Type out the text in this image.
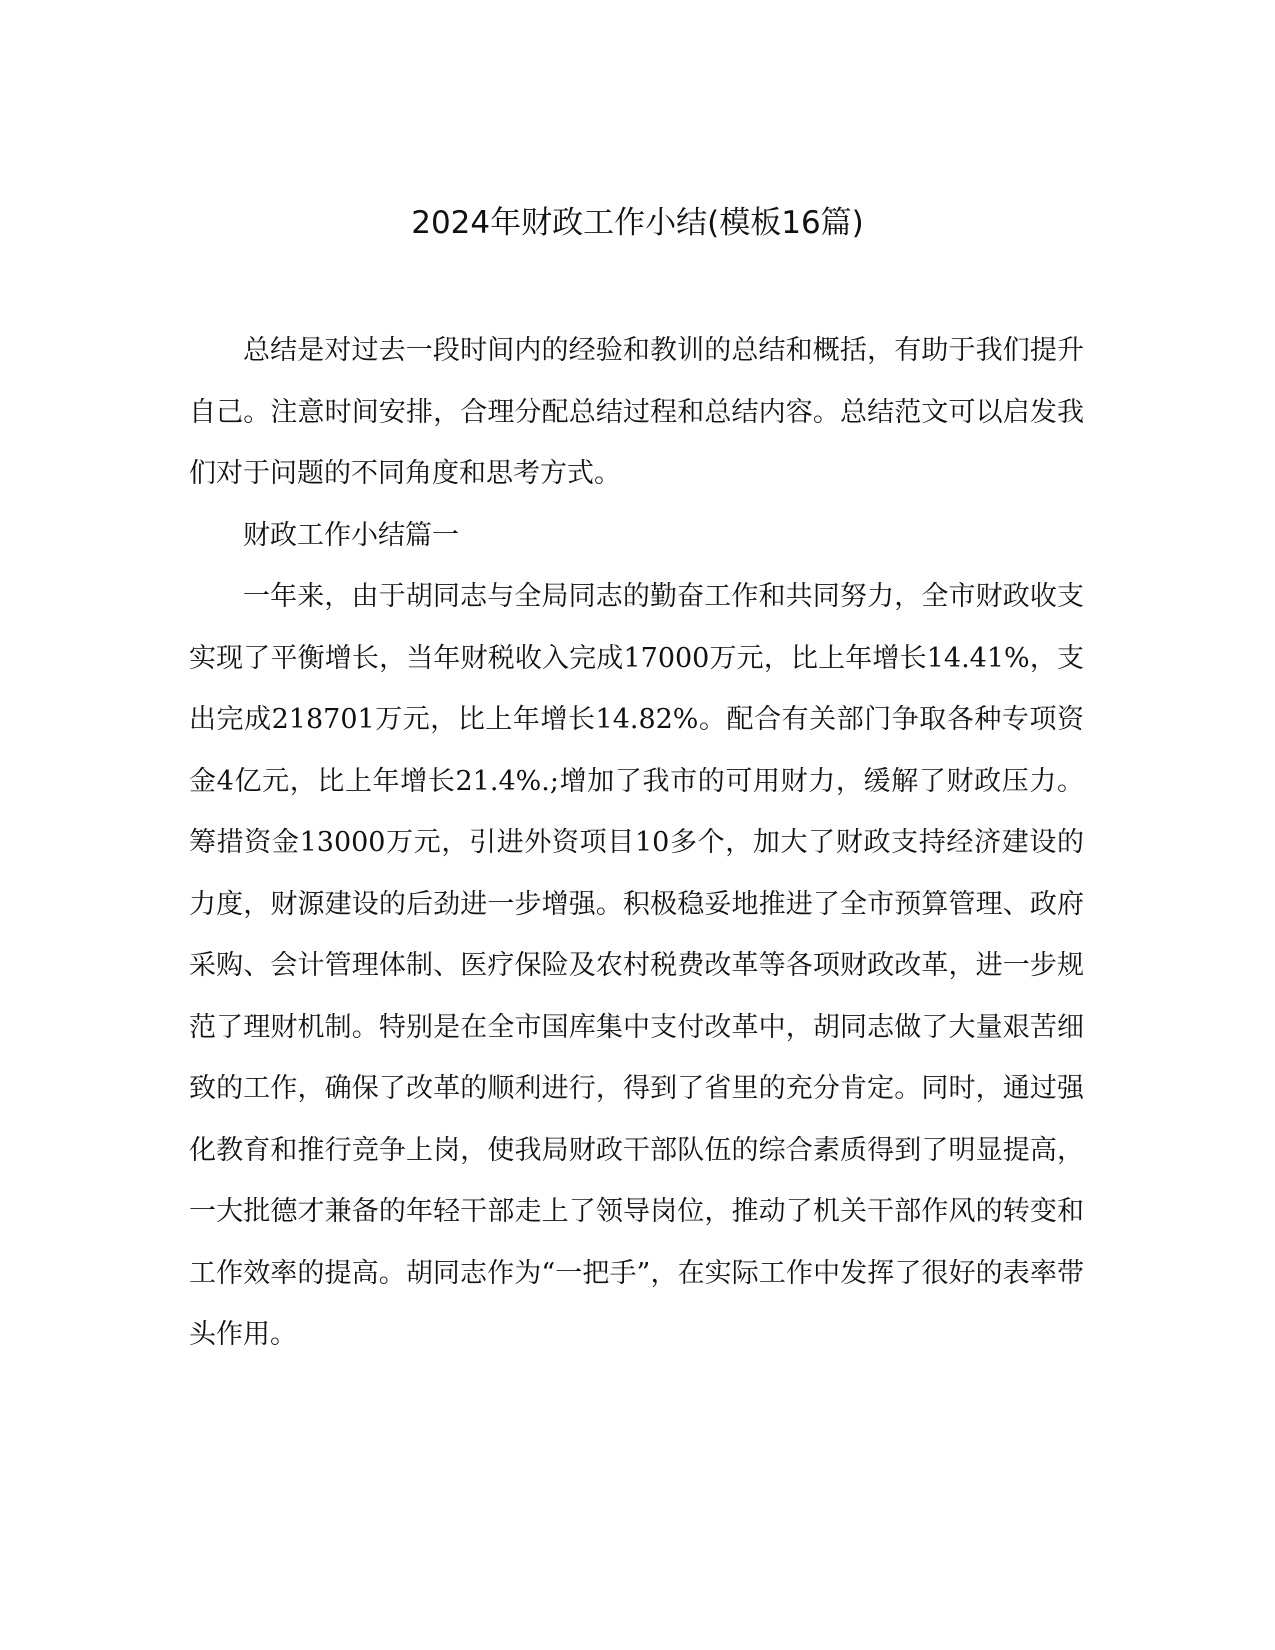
2024年财政工作小结(模板16篇)

总结是对过去一段时间内的经验和教训的总结和概括，有助于我们提升自己。注意时间安排，合理分配总结过程和总结内容。总结范文可以启发我们对于问题的不同角度和思考方式。

财政工作小结篇一

一年来，由于胡同志与全局同志的勤奋工作和共同努力，全市财政收支实现了平衡增长，当年财税收入完成17000万元，比上年增长14.41%，支出完成218701万元，比上年增长14.82%。配合有关部门争取各种专项资金4亿元，比上年增长21.4%.;增加了我市的可用财力，缓解了财政压力。筹措资金13000万元，引进外资项目10多个，加大了财政支持经济建设的力度，财源建设的后劲进一步增强。积极稳妥地推进了全市预算管理、政府采购、会计管理体制、医疗保险及农村税费改革等各项财政改革，进一步规范了理财机制。特别是在全市国库集中支付改革中，胡同志做了大量艰苦细致的工作，确保了改革的顺利进行，得到了省里的充分肯定。同时，通过强化教育和推行竞争上岗，使我局财政干部队伍的综合素质得到了明显提高，一大批德才兼备的年轻干部走上了领导岗位，推动了机关干部作风的转变和工作效率的提高。胡同志作为“一把手”，在实际工作中发挥了很好的表率带头作用。
